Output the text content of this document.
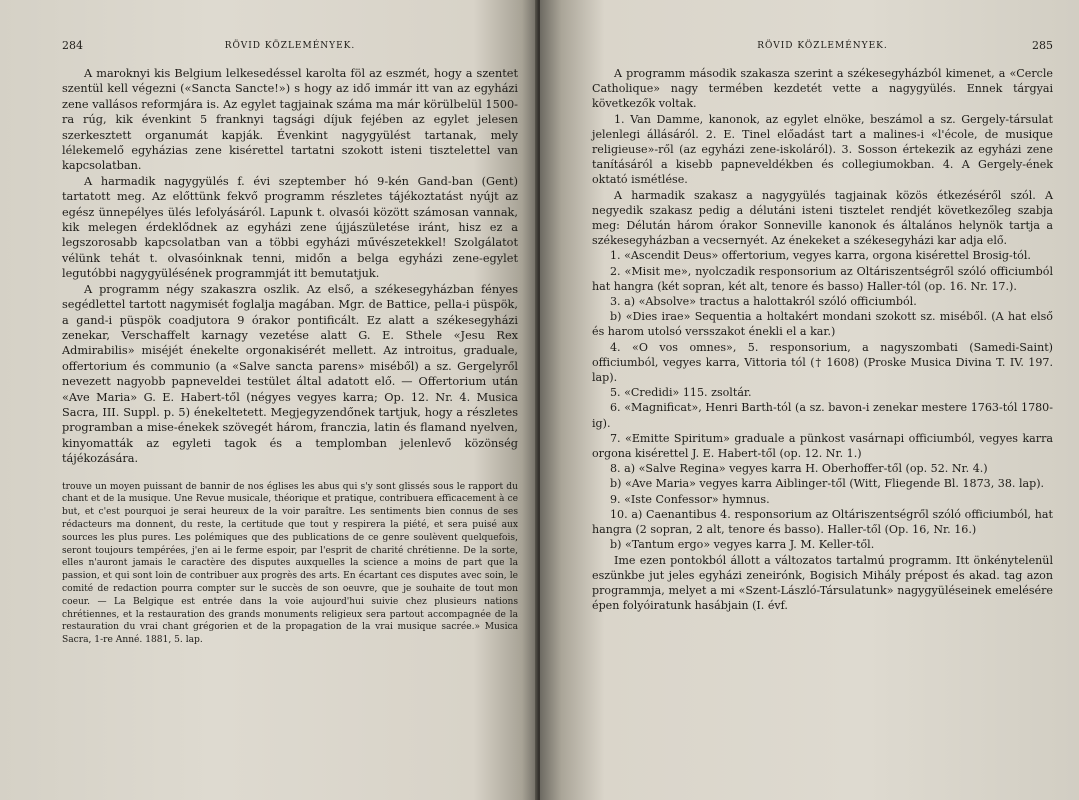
284	RÖVID KÖZLEMÉNYEK.

A maroknyi kis Belgium lelkesedéssel karolta föl az eszmét, hogy a szentet szentül kell végezni («Sancta Sancte!») s hogy az idő immár itt van az egyházi zene vallásos reformjára is. Az egylet tagjainak száma ma már körülbelül 1500-ra rúg, kik évenkint 5 franknyi tagsági díjuk fejében az egylet jelesen szerkesztett organumát kapják. Évenkint nagygyülést tartanak, mely lélekemelő egyházias zene kisérettel tartatni szokott isteni tisztelettel van kapcsolatban.

A harmadik nagygyülés f. évi szeptember hó 9-kén Gand-ban (Gent) tartatott meg. Az előttünk fekvő programm részletes tájékoztatást nyújt az egész ünnepélyes ülés lefolyásáról. Lapunk t. olvasói között számosan vannak, kik melegen érdeklődnek az egyházi zene újjászületése iránt, hisz ez a legszorosabb kapcsolatban van a többi egyházi művészetekkel! Szolgálatot vélünk tehát t. olvasóinknak tenni, midőn a belga egyházi zene-egylet legutóbbi nagygyülésének programmját itt bemutatjuk.

A programm négy szakaszra oszlik. Az első, a székesegyházban fényes segédlettel tartott nagymisét foglalja magában. Mgr. de Battice, pella-i püspök, a gand-i püspök coadjutora 9 órakor pontificált. Ez alatt a székesegyházi zenekar, Verschaffelt karnagy vezetése alatt G. E. Sthele «Jesu Rex Admirabilis» miséjét énekelte orgonakisérét mellett. Az introitus, graduale, offertorium és communio (a «Salve sancta parens» miséből) a sz. Gergelyről nevezett nagyobb papneveldei testület által adatott elő. — Offertorium után «Ave Maria» G. E. Habert-től (négyes vegyes karra; Op. 12. Nr. 4. Musica Sacra, III. Suppl. p. 5) énekeltetett. Megjegyzendőnek tartjuk, hogy a részletes programban a mise-énekek szövegét három, franczia, latin és flamand nyelven, kinyomatták az egyleti tagok és a templomban jelenlevő közönség tájékozására.

trouve un moyen puissant de bannir de nos églises les abus qui s'y sont glissés sous le rapport du chant et de la musique. Une Revue musicale, théorique et pratique, contribuera efficacement à ce but, et c'est pourquoi je serai heureux de la voir paraître. Les sentiments bien connus de ses rédacteurs ma donnent, du reste, la certitude que tout y respirera la piété, et sera puisé aux sources les plus pures. Les polémiques que des publications de ce genre soulèvent quelquefois, seront toujours tempérées, j'en ai le ferme espoir, par l'esprit de charité chrétienne. De la sorte, elles n'auront jamais le caractère des disputes auxquelles la science a moins de part que la passion, et qui sont loin de contribuer aux progrès des arts. En écartant ces disputes avec soin, le comité de redaction pourra compter sur le succès de son oeuvre, que je souhaite de tout mon coeur. — La Belgique est entrée dans la voie aujourd'hui suivie chez plusieurs nations chrétiennes, et la restauration des grands monuments religieux sera partout accompagnée de la restauration du vrai chant grégorien et de la propagation de la vrai musique sacrée.» Musica Sacra, 1-re Anné. 1881, 5. lap.

RÖVID KÖZLEMÉNYEK.	285

A programm második szakasza szerint a székesegyházból kimenet, a «Cercle Catholique» nagy termében kezdetét vette a nagygyülés. Ennek tárgyai következők voltak.

1. Van Damme, kanonok, az egylet elnöke, beszámol a sz. Gergely-társulat jelenlegi állásáról. 2. E. Tinel előadást tart a malines-i «l'école, de musique religieuse»-ről (az egyházi zene-iskoláról). 3. Sosson értekezik az egyházi zene tanításáról a kisebb papneveldékben és collegiumokban. 4. A Gergely-ének oktató ismétlése.

A harmadik szakasz a nagygyülés tagjainak közös étkezéséről szól. A negyedik szakasz pedig a délutáni isteni tisztelet rendjét következőleg szabja meg: Délután három órakor Sonneville kanonok és általános helynök tartja a székesegyházban a vecsernyét. Az énekeket a székesegyházi kar adja elő.

1. «Ascendit Deus» offertorium, vegyes karra, orgona kisérettel Brosig-tól.

2. «Misit me», nyolczadik responsorium az Oltáriszentségről szóló officiumból hat hangra (két sopran, két alt, tenore és basso) Haller-tól (op. 16. Nr. 17.).

3. a) «Absolve» tractus a halottakról szóló officiumból.

b) «Dies irae» Sequentia a holtakért mondani szokott sz. miséből. (A hat első és harom utolsó versszakot énekli el a kar.)

4. «O vos omnes», 5. responsorium, a nagyszombati (Samedi-Saint) officiumból, vegyes karra, Vittoria tól († 1608) (Proske Musica Divina T. IV. 197. lap).

5. «Credidi» 115. zsoltár.

6. «Magnificat», Henri Barth-tól (a sz. bavon-i zenekar mestere 1763-tól 1780-ig).

7. «Emitte Spiritum» graduale a pünkost vasárnapi officiumból, vegyes karra orgona kisérettel J. E. Habert-től (op. 12. Nr. 1.)

8. a) «Salve Regina» vegyes karra H. Oberhoffer-től (op. 52. Nr. 4.)

b) «Ave Maria» vegyes karra Aiblinger-től (Witt, Fliegende Bl. 1873, 38. lap).

9. «Iste Confessor» hymnus.

10. a) Caenantibus 4. responsorium az Oltáriszentségről szóló officiumból, hat hangra (2 sopran, 2 alt, tenore és basso). Haller-től (Op. 16, Nr. 16.)

b) «Tantum ergo» vegyes karra J. M. Keller-től.

Ime ezen pontokból állott a változatos tartalmú programm. Itt önkénytelenül eszünkbe jut jeles egyházi zeneirónk, Bogisich Mihály prépost és akad. tag azon programmja, melyet a mi «Szent-László-Társulatunk» nagygyüléseinek emelésére épen folyóiratunk hasábjain (I. évf.
